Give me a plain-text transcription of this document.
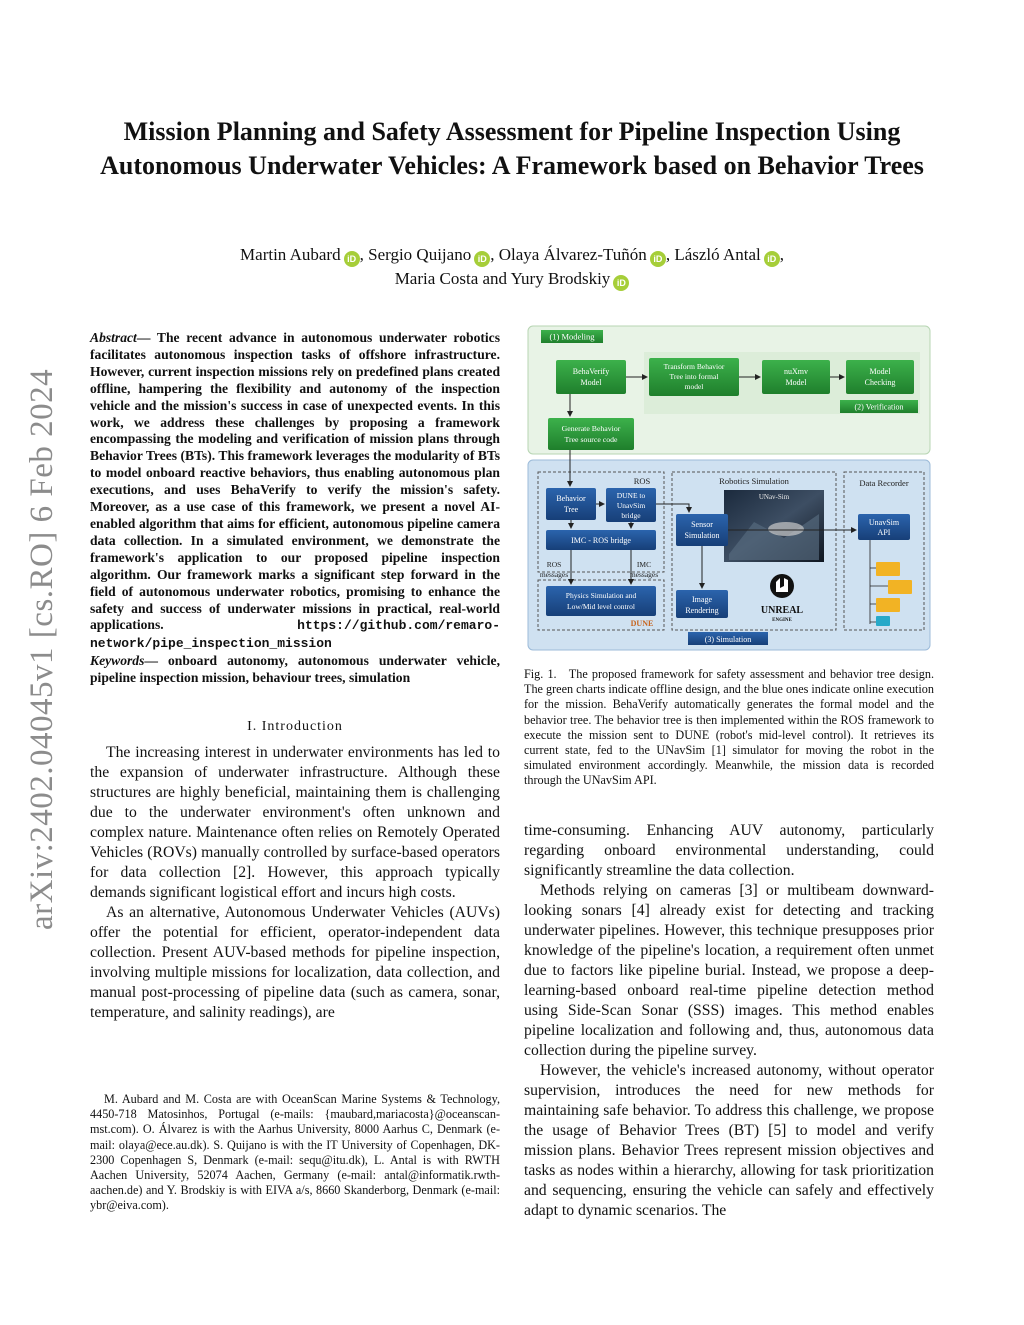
arXiv:2402.04045v1 [cs.RO] 6 Feb 2024
Mission Planning and Safety Assessment for Pipeline Inspection Using Autonomous Underwater Vehicles: A Framework based on Behavior Trees
Martin Aubard iD , Sergio Quijano iD , Olaya Álvarez-Tuñón iD , László Antal iD ,
Maria Costa and Yury Brodskiy iD
Abstract— The recent advance in autonomous underwater robotics facilitates autonomous inspection tasks of offshore infrastructure. However, current inspection missions rely on predefined plans created offline, hampering the flexibility and autonomy of the inspection vehicle and the mission's success in case of unexpected events. In this work, we address these challenges by proposing a framework encompassing the modeling and verification of mission plans through Behavior Trees (BTs). This framework leverages the modularity of BTs to model onboard reactive behaviors, thus enabling autonomous plan executions, and uses BehaVerify to verify the mission's safety. Moreover, as a use case of this framework, we present a novel AI-enabled algorithm that aims for efficient, autonomous pipeline camera data collection. In a simulated environment, we demonstrate the framework's application to our proposed pipeline inspection algorithm. Our framework marks a significant step forward in the field of autonomous underwater robotics, promising to enhance the safety and success of underwater missions in practical, real-world applications.	https://github.com/remaro-network/pipe_inspection_mission
Keywords— onboard autonomy, autonomous underwater vehicle, pipeline inspection mission, behaviour trees, simulation
I. Introduction

The increasing interest in underwater environments has led to the expansion of underwater infrastructure. Although these structures are highly beneficial, maintaining them is challenging due to the underwater environment's often unknown and complex nature. Maintenance often relies on Remotely Operated Vehicles (ROVs) manually controlled by surface-based operators for data collection [2]. However, this approach typically demands significant logistical effort and incurs high costs.

As an alternative, Autonomous Underwater Vehicles (AUVs) offer the potential for efficient, operator-independent data collection. Present AUV-based methods for pipeline inspection, involving multiple missions for localization, data collection, and manual post-processing of pipeline data (such as camera, sonar, temperature, and salinity readings), are

M. Aubard and M. Costa are with OceanScan Marine Systems & Technology, 4450-718 Matosinhos, Portugal (e-mails: {maubard,mariacosta}@oceanscan-mst.com). O. Álvarez is with the Aarhus University, 8000 Aarhus C, Denmark (e-mail: olaya@ece.au.dk). S. Quijano is with the IT University of Copenhagen, DK-2300 Copenhagen S, Denmark (e-mail: sequ@itu.dk), L. Antal is with RWTH Aachen University, 52074 Aachen, Germany (e-mail: antal@informatik.rwth-aachen.de) and Y. Brodskiy is with EIVA a/s, 8660 Skanderborg, Denmark (e-mail: ybr@eiva.com).

(1) Modeling
BehaVerify
Model
Transform Behavior
Tree into formal
model
nuXmv
Model
Model
Checking
(2) Verification
Generate Behavior
Tree source code
ROS
Behavior
Tree
DUNE to
UnavSim
bridge
IMC - ROS bridge
ROS
messages
IMC
messages
Physics Simulation and
Low/Mid level control
DUNE
Robotics Simulation
UNav-Sim
Sensor
Simulation
Image
Rendering	UNREAL
ENGINE
Data Recorder
UnavSim
API
(3) Simulation
Fig. 1. The proposed framework for safety assessment and behavior tree design. The green charts indicate offline design, and the blue ones indicate online execution for the mission. BehaVerify automatically generates the formal model and the behavior tree. The behavior tree is then implemented within the ROS framework to execute the mission sent to DUNE (robot's mid-level control). It retrieves its current state, fed to the UNavSim [1] simulator for moving the robot in the simulated environment accordingly. Meanwhile, the mission data is recorded through the UNavSim API.

time-consuming. Enhancing AUV autonomy, particularly regarding onboard environmental understanding, could significantly streamline the data collection.

Methods relying on cameras [3] or multibeam downward-looking sonars [4] already exist for detecting and tracking underwater pipelines. However, this technique presupposes prior knowledge of the pipeline's location, a requirement often unmet due to factors like pipeline burial. Instead, we propose a deep-learning-based onboard real-time pipeline detection method using Side-Scan Sonar (SSS) images. This method enables pipeline localization and following and, thus, autonomous data collection during the pipeline survey.

However, the vehicle's increased autonomy, without operator supervision, introduces the need for new methods for maintaining safe behavior. To address this challenge, we propose the usage of Behavior Trees (BT) [5] to model and verify mission plans. Behavior Trees represent mission objectives and tasks as nodes within a hierarchy, allowing for task prioritization and sequencing, ensuring the vehicle can safely and effectively adapt to dynamic scenarios. The
